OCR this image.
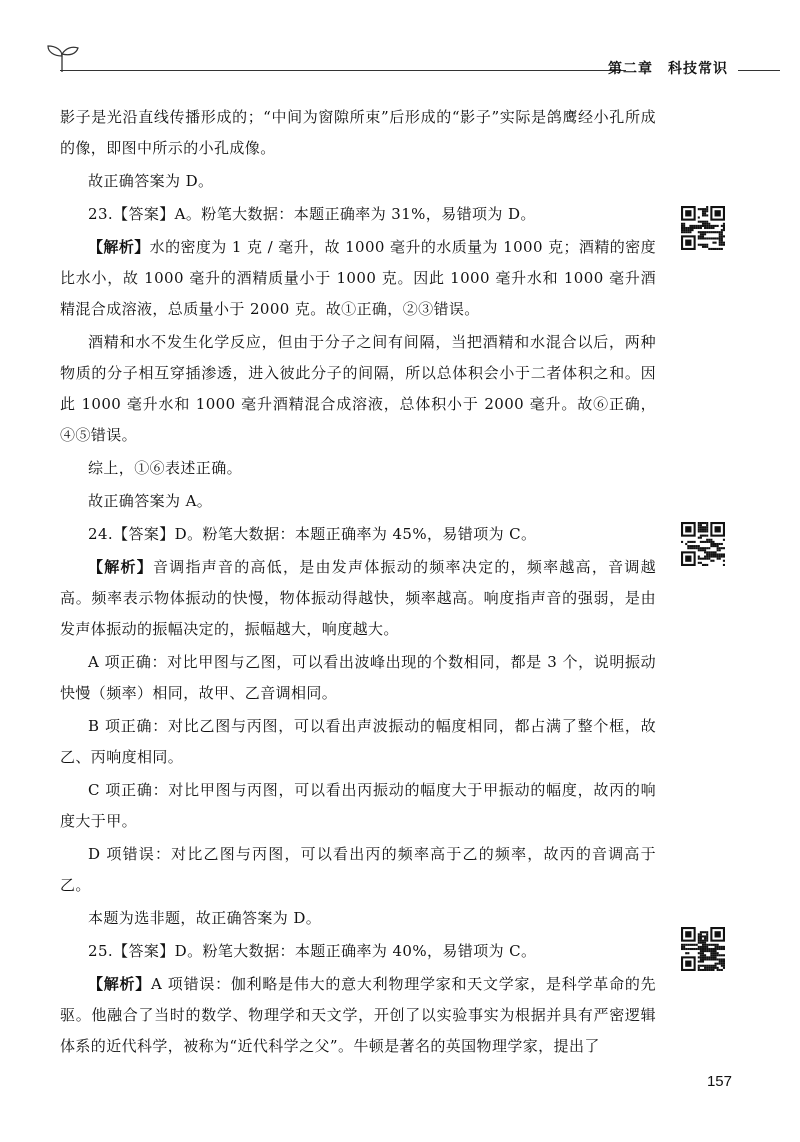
第二章　科技常识

影子是光沿直线传播形成的；“中间为窗隙所束”后形成的“影子”实际是鸽鹰经小孔所成的像，即图中所示的小孔成像。

故正确答案为 D。

23.【答案】A。粉笔大数据：本题正确率为 31%，易错项为 D。

【解析】水的密度为 1 克 / 毫升，故 1000 毫升的水质量为 1000 克；酒精的密度比水小，故 1000 毫升的酒精质量小于 1000 克。因此 1000 毫升水和 1000 毫升酒精混合成溶液，总质量小于 2000 克。故①正确，②③错误。

酒精和水不发生化学反应，但由于分子之间有间隔，当把酒精和水混合以后，两种物质的分子相互穿插渗透，进入彼此分子的间隔，所以总体积会小于二者体积之和。因此 1000 毫升水和 1000 毫升酒精混合成溶液，总体积小于 2000 毫升。故⑥正确，④⑤错误。

综上，①⑥表述正确。

故正确答案为 A。

24.【答案】D。粉笔大数据：本题正确率为 45%，易错项为 C。

【解析】音调指声音的高低，是由发声体振动的频率决定的，频率越高，音调越高。频率表示物体振动的快慢，物体振动得越快，频率越高。响度指声音的强弱，是由发声体振动的振幅决定的，振幅越大，响度越大。

A 项正确：对比甲图与乙图，可以看出波峰出现的个数相同，都是 3 个，说明振动快慢（频率）相同，故甲、乙音调相同。

B 项正确：对比乙图与丙图，可以看出声波振动的幅度相同，都占满了整个框，故乙、丙响度相同。

C 项正确：对比甲图与丙图，可以看出丙振动的幅度大于甲振动的幅度，故丙的响度大于甲。

D 项错误：对比乙图与丙图，可以看出丙的频率高于乙的频率，故丙的音调高于乙。

本题为选非题，故正确答案为 D。

25.【答案】D。粉笔大数据：本题正确率为 40%，易错项为 C。

【解析】A 项错误：伽利略是伟大的意大利物理学家和天文学家，是科学革命的先驱。他融合了当时的数学、物理学和天文学，开创了以实验事实为根据并具有严密逻辑体系的近代科学，被称为“近代科学之父”。牛顿是著名的英国物理学家，提出了

157
